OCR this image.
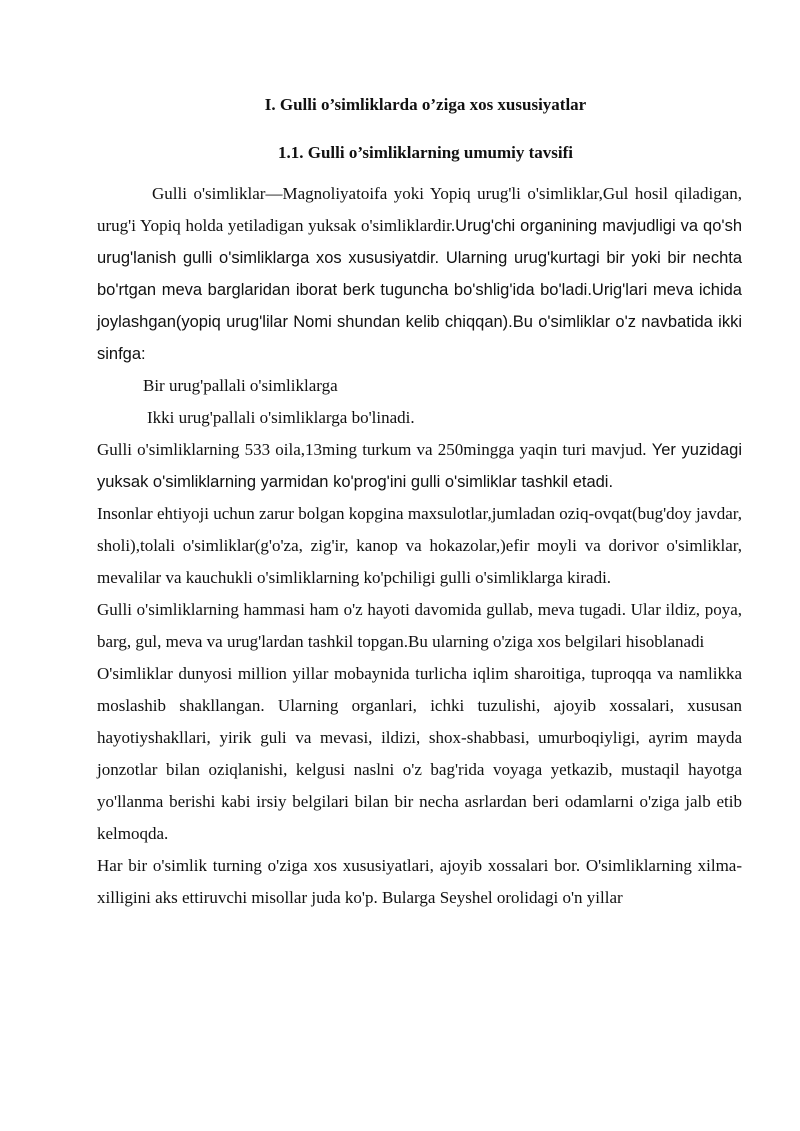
I. Gulli o’simliklarda o’ziga xos xususiyatlar
1.1. Gulli o’simliklarning umumiy tavsifi

Gulli o'simliklar—Magnoliyatoifa yoki Yopiq urug'li o'simliklar,Gul hosil qiladigan, urug'i Yopiq holda yetiladigan yuksak o'simliklardir.Urug'chi organining mavjudligi va qo'sh urug'lanish gulli o'simliklarga xos xususiyatdir. Ularning urug'kurtagi bir yoki bir nechta bo'rtgan meva barglaridan iborat berk tuguncha bo'shlig'ida bo'ladi.Urig'lari meva ichida joylashgan(yopiq urug'lilar Nomi shundan kelib chiqqan).Bu o'simliklar o'z navbatida ikki sinfga:

Bir urug'pallali o'simliklarga

Ikki urug'pallali o'simliklarga bo'linadi.

Gulli o'simliklarning 533 oila,13ming turkum va 250mingga yaqin turi mavjud. Yer yuzidagi yuksak o'simliklarning yarmidan ko'prog'ini gulli o'simliklar tashkil etadi.

Insonlar ehtiyoji uchun zarur bolgan kopgina maxsulotlar,jumladan oziq-ovqat(bug'doy javdar, sholi),tolali o'simliklar(g'o'za, zig'ir, kanop va hokazolar,)efir moyli va dorivor o'simliklar, mevalilar va kauchukli o'simliklarning ko'pchiligi gulli o'simliklarga kiradi.

Gulli o'simliklarning hammasi ham o'z hayoti davomida gullab, meva tugadi. Ular ildiz, poya, barg, gul, meva va urug'lardan tashkil topgan.Bu ularning o'ziga xos belgilari hisoblanadi

O'simliklar dunyosi million yillar mobaynida turlicha iqlim sharoitiga, tuproqqa va namlikka moslashib shakllangan. Ularning organlari, ichki tuzulishi, ajoyib xossalari, xususan hayotiyshakllari, yirik guli va mevasi, ildizi, shox-shabbasi, umurboqiyligi, ayrim mayda jonzotlar bilan oziqlanishi, kelgusi naslni o'z bag'rida voyaga yetkazib, mustaqil hayotga yo'llanma berishi kabi irsiy belgilari bilan bir necha asrlardan beri odamlarni o'ziga jalb etib kelmoqda.

Har bir o'simlik turning o'ziga xos xususiyatlari, ajoyib xossalari bor. O'simliklarning xilma-xilligini aks ettiruvchi misollar juda ko'p. Bularga Seyshel orolidagi o'n yillar
